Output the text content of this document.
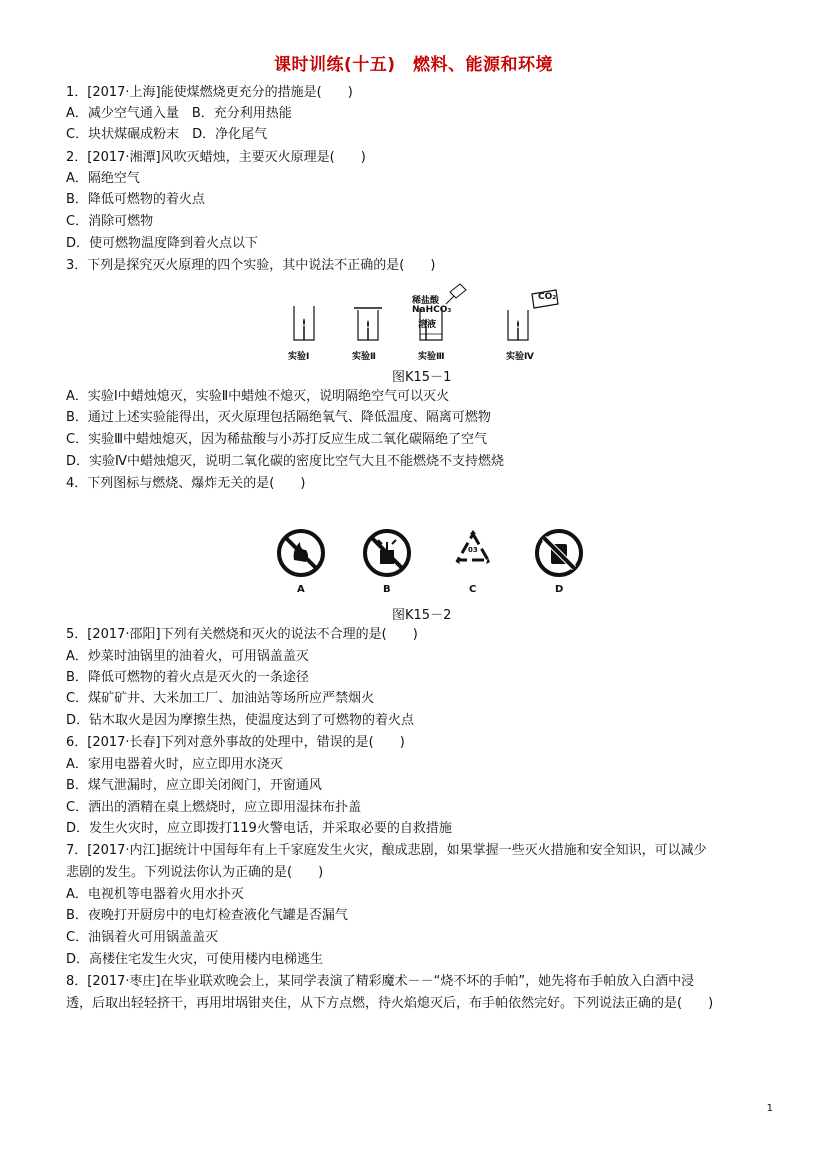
课时训练(十五)　燃料、能源和环境
1．[2017·上海]能使煤燃烧更充分的措施是(　　)
A．减少空气通入量　B．充分利用热能
C．块状煤碾成粉末　D．净化尾气
2．[2017·湘潭]风吹灭蜡烛，主要灭火原理是(　　)
A．隔绝空气
B．降低可燃物的着火点
C．消除可燃物
D．使可燃物温度降到着火点以下
3．下列是探究灭火原理的四个实验，其中说法不正确的是(　　)
稀盐酸
NaHCO₃
溶液
CO₂
实验Ⅰ	实验Ⅱ	实验Ⅲ	实验Ⅳ
图K15－1
A．实验Ⅰ中蜡烛熄灭，实验Ⅱ中蜡烛不熄灭，说明隔绝空气可以灭火
B．通过上述实验能得出，灭火原理包括隔绝氧气、降低温度、隔离可燃物
C．实验Ⅲ中蜡烛熄灭，因为稀盐酸与小苏打反应生成二氧化碳隔绝了空气
D．实验Ⅳ中蜡烛熄灭，说明二氧化碳的密度比空气大且不能燃烧不支持燃烧
4．下列图标与燃烧、爆炸无关的是(　　)
03
A	B	C	D
图K15－2
5．[2017·邵阳]下列有关燃烧和灭火的说法不合理的是(　　)
A．炒菜时油锅里的油着火，可用锅盖盖灭
B．降低可燃物的着火点是灭火的一条途径
C．煤矿矿井、大米加工厂、加油站等场所应严禁烟火
D．钻木取火是因为摩擦生热，使温度达到了可燃物的着火点
6．[2017·长春]下列对意外事故的处理中，错误的是(　　)
A．家用电器着火时，应立即用水浇灭
B．煤气泄漏时，应立即关闭阀门，开窗通风
C．洒出的酒精在桌上燃烧时，应立即用湿抹布扑盖
D．发生火灾时，应立即拨打119火警电话，并采取必要的自救措施
7．[2017·内江]据统计中国每年有上千家庭发生火灾，酿成悲剧，如果掌握一些灭火措施和安全知识，可以减少
悲剧的发生。下列说法你认为正确的是(　　)
A．电视机等电器着火用水扑灭
B．夜晚打开厨房中的电灯检查液化气罐是否漏气
C．油锅着火可用锅盖盖灭
D．高楼住宅发生火灾，可使用楼内电梯逃生
8．[2017·枣庄]在毕业联欢晚会上，某同学表演了精彩魔术－－“烧不坏的手帕”，她先将布手帕放入白酒中浸
透，后取出轻轻挤干，再用坩埚钳夹住，从下方点燃，待火焰熄灭后，布手帕依然完好。下列说法正确的是(　　)
1
